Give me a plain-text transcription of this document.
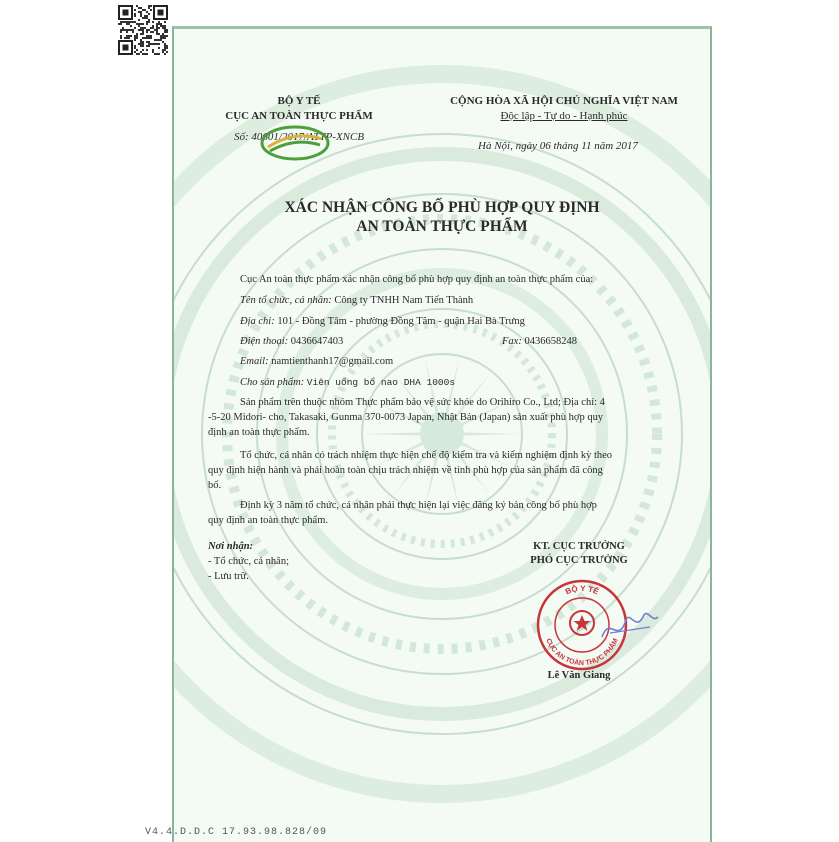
BỘ Y TẾ
CỤC AN TOÀN THỰC PHẨM
Số: 40601/2017/ATTP-XNCB
CỘNG HÒA XÃ HỘI CHỦ NGHĨA VIỆT NAM
Độc lập - Tự do - Hạnh phúc
Hà Nội, ngày 06 tháng 11 năm 2017
XÁC NHẬN CÔNG BỐ PHÙ HỢP QUY ĐỊNH
AN TOÀN THỰC PHẨM
Cục An toàn thực phẩm xác nhận công bố phù hợp quy định an toàn thực phẩm của:
Tên tổ chức, cá nhân: Công ty TNHH Nam Tiến Thành
Địa chỉ: 101 - Đồng Tâm - phường Đồng Tâm - quận Hai Bà Trưng
Điện thoại: 0436647403	Fax: 0436658248
Email: namtienthanh17@gmail.com
Cho sản phẩm: Viên uống bổ nao DHA 1000s
Sản phẩm trên thuộc nhóm Thực phẩm bảo vệ sức khỏe do Orihiro Co., Ltd; Địa chỉ: 4
-5-20 Midori- cho, Takasaki, Gunma 370-0073 Japan, Nhật Bản (Japan) sản xuất phù hợp quy
định an toàn thực phẩm.
Tổ chức, cá nhân có trách nhiệm thực hiện chế độ kiểm tra và kiểm nghiệm định kỳ theo
quy định hiện hành và phải hoàn toàn chịu trách nhiệm về tính phù hợp của sản phẩm đã công
bố.
Định kỳ 3 năm tổ chức, cá nhân phải thực hiện lại việc đăng ký bản công bố phù hợp
quy định an toàn thực phẩm.
Nơi nhận:
- Tổ chức, cá nhân;
- Lưu trữ.
KT. CỤC TRƯỞNG
PHÓ CỤC TRƯỞNG
BỘ Y TẾ
CỤC AN TOÀN THỰC PHẨM
Lê Văn Giang
V4.4.D.D.C 17.93.98.828/09
